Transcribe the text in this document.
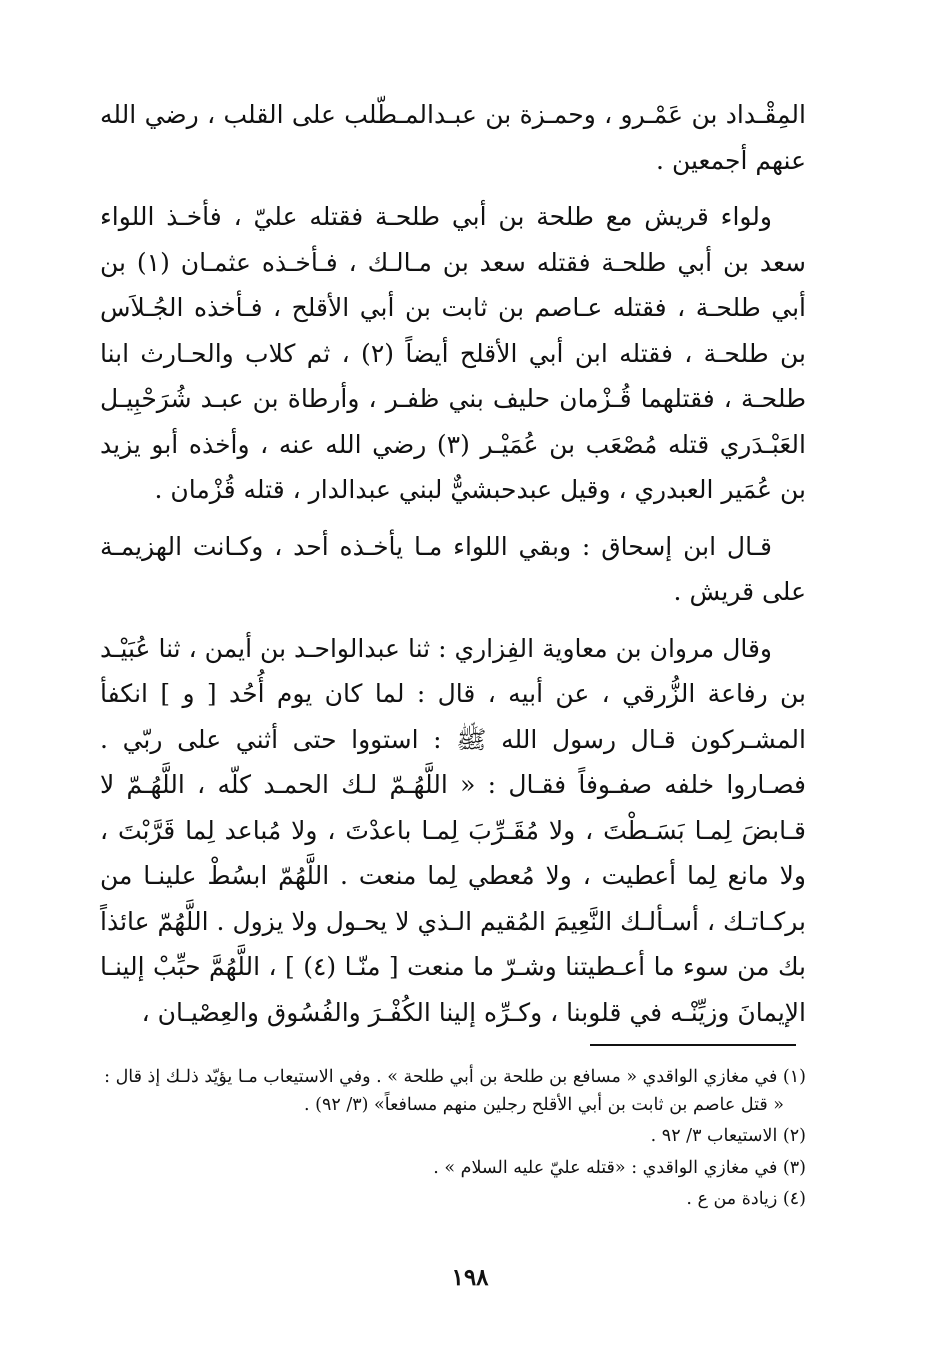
المِقْـداد بن عَمْـرو ، وحمـزة بن عبـدالمـطّلب على القلب ، رضي الله عنهم أجمعين .

ولواء قريش مع طلحة بن أبي طلحـة فقتله عليّ ، فأخـذ اللواء سعد بن أبي طلحـة فقتله سعد بن مـالـك ، فـأخـذه عثمـان (١) بن أبي طلحـة ، فقتله عـاصم بن ثابت بن أبي الأقلح ، فـأخذه الجُـلاَس بن طلحـة ، فقتله ابن أبي الأقلح أيضاً (٢) ، ثم كلاب والحـارث ابنا طلحـة ، فقتلهما قُـزْمان حليف بني ظفـر ، وأرطاة بن عبـد شُرَحْبِيـل العَبْـدَري قتله مُصْعَب بن عُمَيْـر (٣) رضي الله عنه ، وأخذه أبو يزيد بن عُمَير العبدري ، وقيل عبدحبشيٌّ لبني عبدالدار ، قتله قُزْمان .

قـال ابن إسحاق : وبقي اللواء مـا يأخـذه أحد ، وكـانت الهزيمـة على قريش .

وقال مروان بن معاوية الفِزاري : ثنا عبدالواحـد بن أيمن ، ثنا عُبَيْـد بن رفاعة الزُّرقي ، عن أبيه ، قال : لما كان يوم أُحُد [ و ] انكفأ المشـركون قـال رسول الله ﷺ : استووا حتى أثني على ربّي . فصـاروا خلفه صفـوفاً فقـال : « اللَّهُـمّ لـك الحمـد كلّه ، اللَّهُـمّ لا قـابضَ لِمـا بَسَـطْتَ ، ولا مُقَـرِّبَ لِمـا باعدْتَ ، ولا مُباعد لِما قَرَّبْتَ ، ولا مانع لِما أعطيت ، ولا مُعطي لِما منعت . اللَّهُمّ ابسُطْ علينـا من بركـاتـك ، أسـألـك النَّعِيمَ المُقيم الـذي لا يحـول ولا يزول . اللَّهُمّ عائذاً بك من سوء ما أعـطيتنا وشـرّ ما منعت [ منّـا (٤) ] ، اللَّهُمَّ حبِّبْ إلينـا الإيمانَ وزيِّنْـه في قلوبنا ، وكـرِّه إلينا الكُفْـرَ والفُسُوق والعِصْيـان ،

(١) في مغازي الواقدي « مسافع بن طلحة بن أبي طلحة » . وفي الاستيعاب مـا يؤيّد ذلـك إذ قال :
« قتل عاصم بن ثابت بن أبي الأقلح رجلين منهم مسافعاً» (٣/ ٩٢) .

(٢) الاستيعاب ٣/ ٩٢ .

(٣) في مغازي الواقدي : «قتله عليّ عليه السلام » .

(٤) زيادة من ع .

١٩٨
